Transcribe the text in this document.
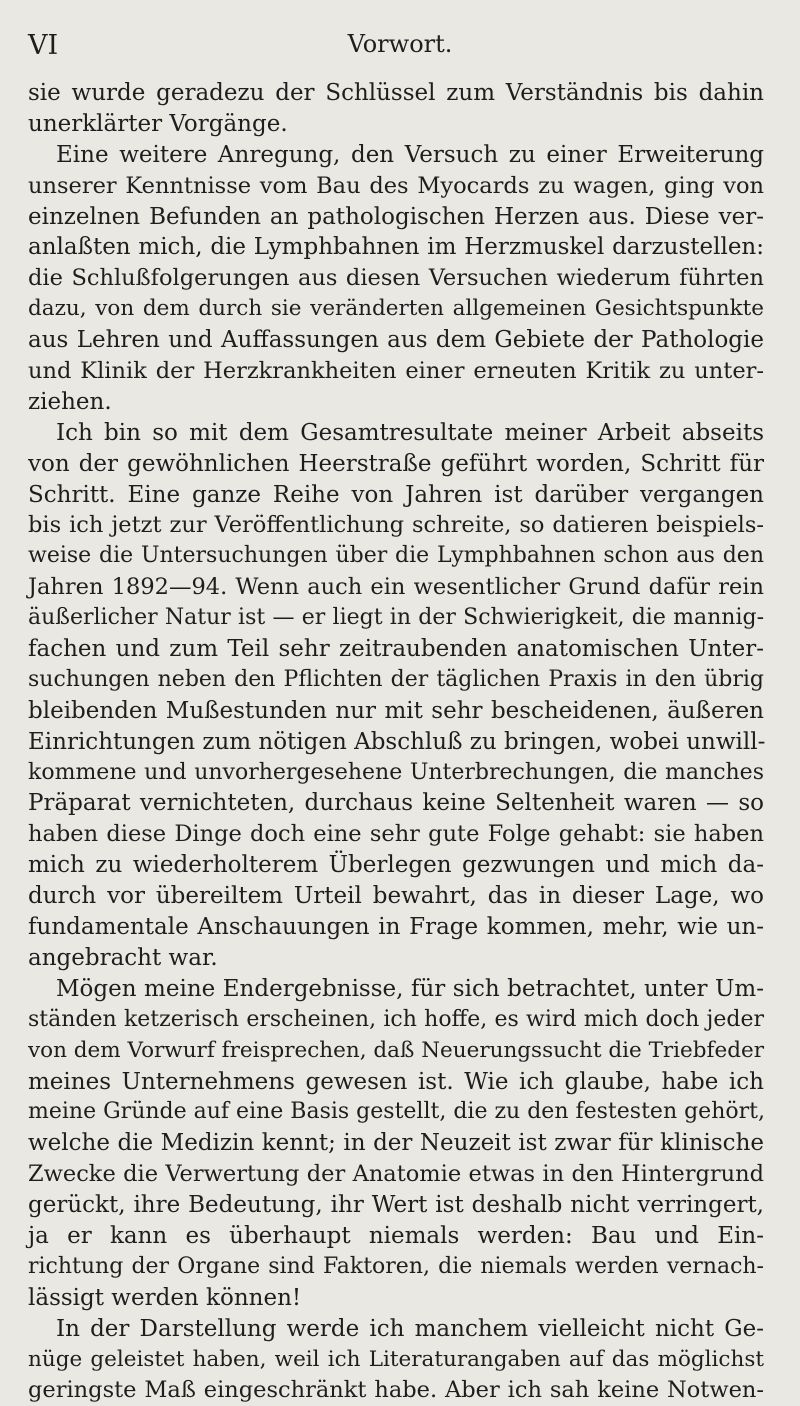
VI	Vorwort.
sie wurde geradezu der Schlüssel zum Verständnis bis dahin
unerklärter Vorgänge.
Eine weitere Anregung, den Versuch zu einer Erweiterung
unserer Kenntnisse vom Bau des Myocards zu wagen, ging von
einzelnen Befunden an pathologischen Herzen aus. Diese ver-
anlaßten mich, die Lymphbahnen im Herzmuskel darzustellen:
die Schlußfolgerungen aus diesen Versuchen wiederum führten
dazu, von dem durch sie veränderten allgemeinen Gesichtspunkte
aus Lehren und Auffassungen aus dem Gebiete der Pathologie
und Klinik der Herzkrankheiten einer erneuten Kritik zu unter-
ziehen.
Ich bin so mit dem Gesamtresultate meiner Arbeit abseits
von der gewöhnlichen Heerstraße geführt worden, Schritt für
Schritt. Eine ganze Reihe von Jahren ist darüber vergangen
bis ich jetzt zur Veröffentlichung schreite, so datieren beispiels-
weise die Untersuchungen über die Lymphbahnen schon aus den
Jahren 1892—94. Wenn auch ein wesentlicher Grund dafür rein
äußerlicher Natur ist — er liegt in der Schwierigkeit, die mannig-
fachen und zum Teil sehr zeitraubenden anatomischen Unter-
suchungen neben den Pflichten der täglichen Praxis in den übrig
bleibenden Mußestunden nur mit sehr bescheidenen, äußeren
Einrichtungen zum nötigen Abschluß zu bringen, wobei unwill-
kommene und unvorhergesehene Unterbrechungen, die manches
Präparat vernichteten, durchaus keine Seltenheit waren — so
haben diese Dinge doch eine sehr gute Folge gehabt: sie haben
mich zu wiederholterem Überlegen gezwungen und mich da-
durch vor übereiltem Urteil bewahrt, das in dieser Lage, wo
fundamentale Anschauungen in Frage kommen, mehr, wie un-
angebracht war.
Mögen meine Endergebnisse, für sich betrachtet, unter Um-
ständen ketzerisch erscheinen, ich hoffe, es wird mich doch jeder
von dem Vorwurf freisprechen, daß Neuerungssucht die Triebfeder
meines Unternehmens gewesen ist. Wie ich glaube, habe ich
meine Gründe auf eine Basis gestellt, die zu den festesten gehört,
welche die Medizin kennt; in der Neuzeit ist zwar für klinische
Zwecke die Verwertung der Anatomie etwas in den Hintergrund
gerückt, ihre Bedeutung, ihr Wert ist deshalb nicht verringert,
ja er kann es überhaupt niemals werden: Bau und Ein-
richtung der Organe sind Faktoren, die niemals werden vernach-
lässigt werden können!
In der Darstellung werde ich manchem vielleicht nicht Ge-
nüge geleistet haben, weil ich Literaturangaben auf das möglichst
geringste Maß eingeschränkt habe. Aber ich sah keine Notwen-
